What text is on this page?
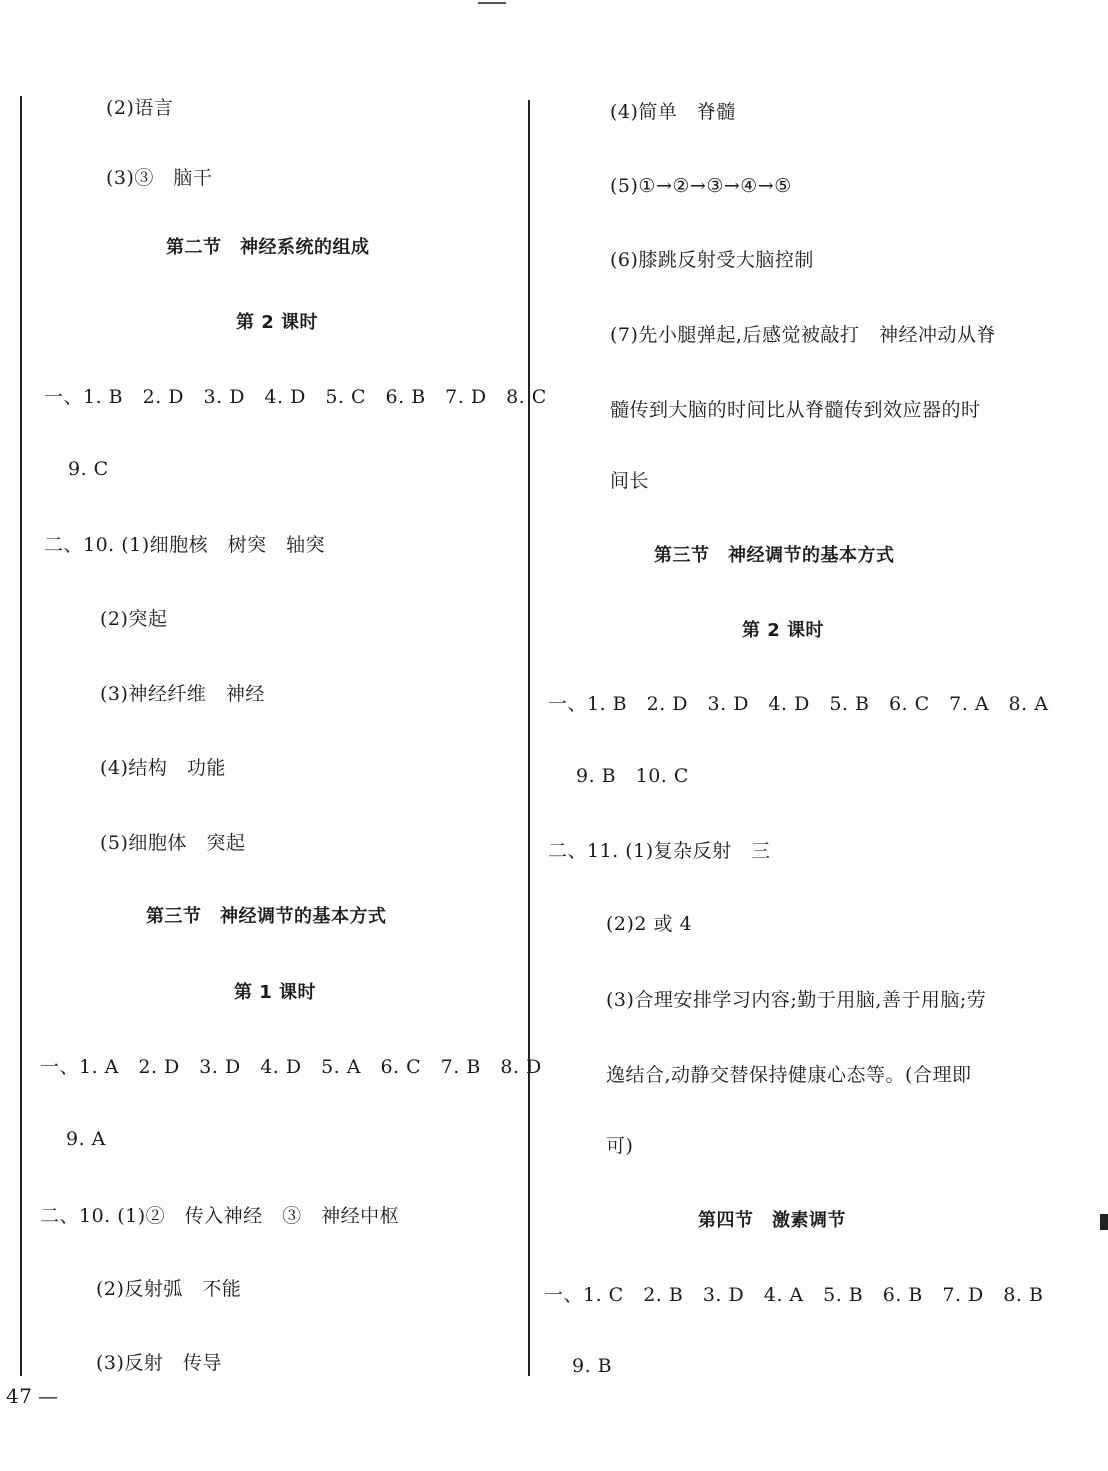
(2)语言
(3)③　脑干
第二节　神经系统的组成
第 2 课时
一、1. B　2. D　3. D　4. D　5. C　6. B　7. D　8. C
9. C
二、10. (1)细胞核　树突　轴突
(2)突起
(3)神经纤维　神经
(4)结构　功能
(5)细胞体　突起
第三节　神经调节的基本方式
第 1 课时
一、1. A　2. D　3. D　4. D　5. A　6. C　7. B　8. D
9. A
二、10. (1)②　传入神经　③　神经中枢
(2)反射弧　不能
(3)反射　传导
47 —
(4)简单　脊髓
(5)①→②→③→④→⑤
(6)膝跳反射受大脑控制
(7)先小腿弹起,后感觉被敲打　神经冲动从脊
髓传到大脑的时间比从脊髓传到效应器的时
间长
第三节　神经调节的基本方式
第 2 课时
一、1. B　2. D　3. D　4. D　5. B　6. C　7. A　8. A
9. B　10. C
二、11. (1)复杂反射　三
(2)2 或 4
(3)合理安排学习内容;勤于用脑,善于用脑;劳
逸结合,动静交替保持健康心态等。(合理即
可)
第四节　激素调节
一、1. C　2. B　3. D　4. A　5. B　6. B　7. D　8. B
9. B
